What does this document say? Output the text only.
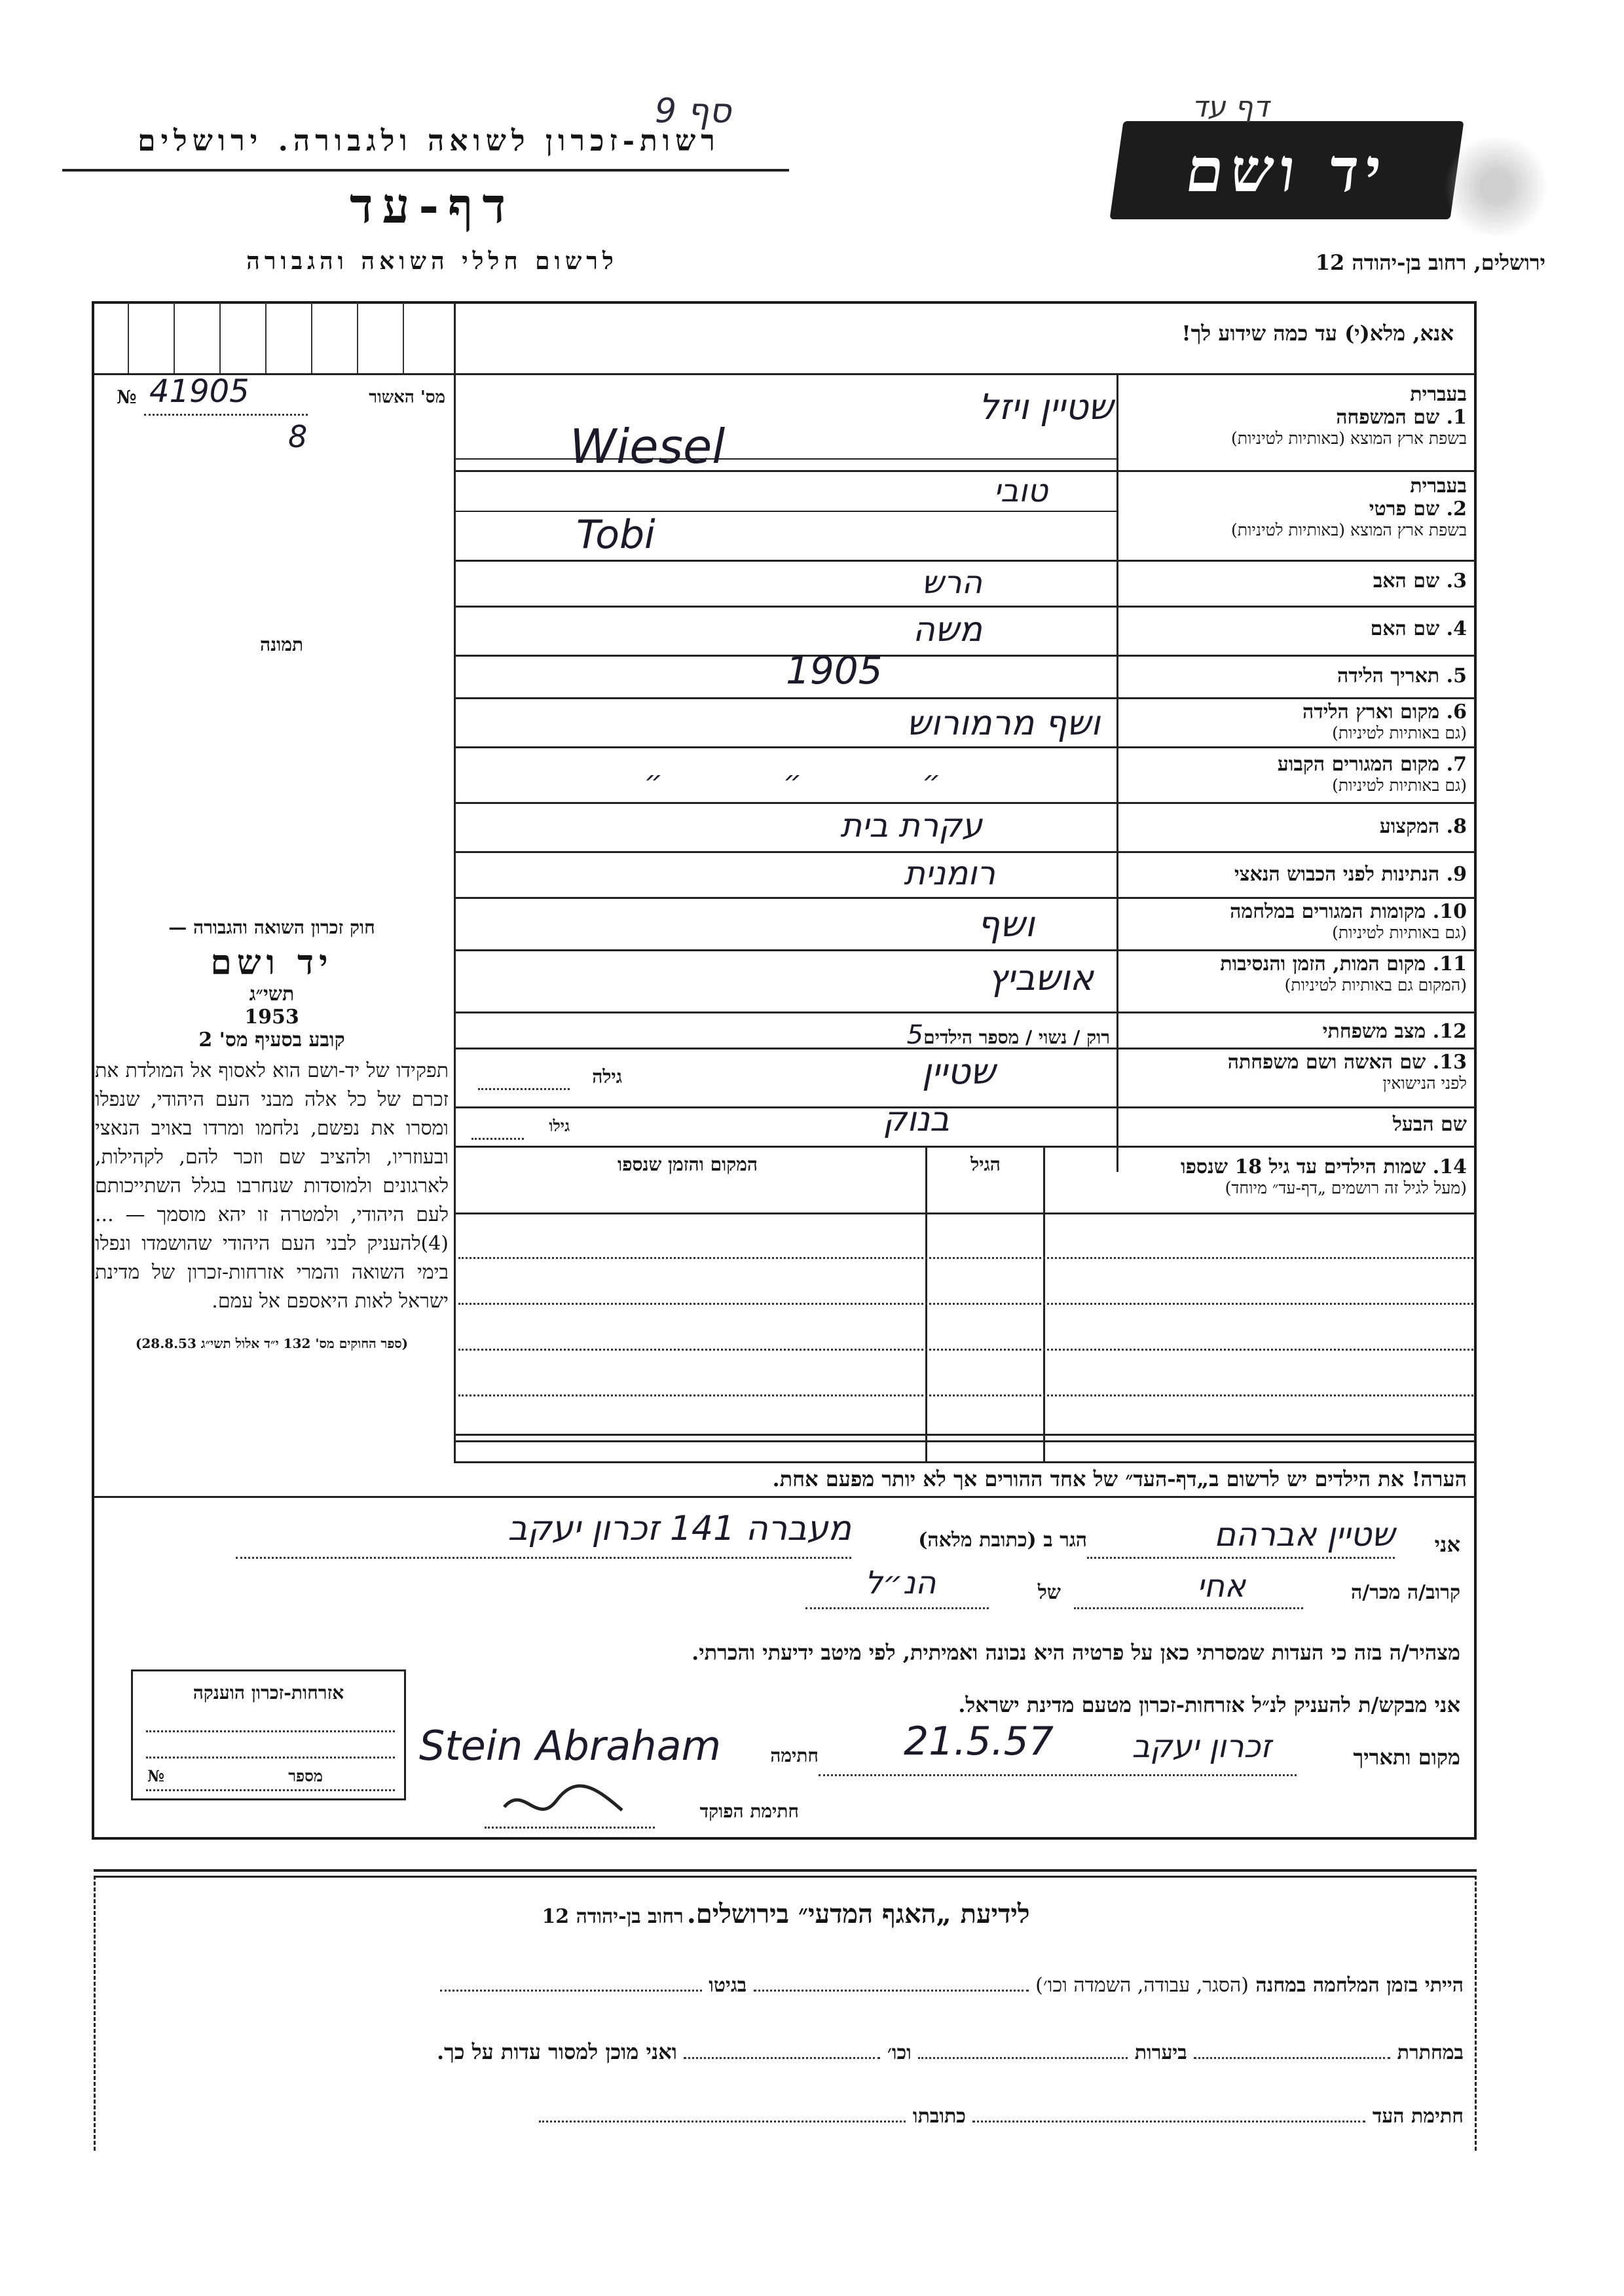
סף 9
רשות-זכרון לשואה ולגבורה. ירושלים
דף-עד
לרשום חללי השואה והגבורה
יד ושם
דף עד
ירושלים, רחוב בן-יהודה 12
אנא, מלא(י) עד כמה שידוע לך!
№ 41905
8
מס' האשור
תמונה
בעברית
1. שם המשפחה
בשפת ארץ המוצא (באותיות לטיניות)
שטיין ויזל
Wiesel
בעברית
2. שם פרטי
בשפת ארץ המוצא (באותיות לטיניות)
טובי
Tobi
3. שם האב
הרש
4. שם האם
משה
5. תאריך הלידה
1905
6. מקום וארץ הלידה
(גם באותיות לטיניות)
ושף מרמורוש
7. מקום המגורים הקבוע
(גם באותיות לטיניות)
״ ״ ״
8. המקצוע
עקרת בית
9. הנתינות לפני הכבוש הנאצי
רומנית
10. מקומות המגורים במלחמה
(גם באותיות לטיניות)
ושף
11. מקום המות, הזמן והנסיבות
(המקום גם באותיות לטיניות)
אושביץ
12. מצב משפחתי
רוק / נשוי / מספר הילדים5
13. שם האשה ושם משפחתה
לפני הנישואין
שטיין
גילה
שם הבעל
בנוק
גילו
14. שמות הילדים עד גיל 18 שנספו
(מעל לגיל זה רושמים „דף-עד״ מיוחד)
הגיל
המקום והזמן שנספו
חוק זכרון השואה והגבורה —
יד ושם
תשי״ג
1953
קובע בסעיף מס' 2
תפקידו של יד-ושם הוא לאסוף אל המולדת את זכרם של כל אלה מבני העם היהודי, שנפלו ומסרו את נפשם, נלחמו ומרדו באויב הנאצי ובעוזריו, ולהציב שם וזכר להם, לקהילות, לארגונים ולמוסדות שנחרבו בגלל השתייכותם לעם היהודי, ולמטרה זו יהא מוסמך — ...(4)להעניק לבני העם היהודי שהושמדו ונפלו בימי השואה והמרי אזרחות-זכרון של מדינת ישראל לאות היאספם אל עמם.
(ספר החוקים מס' 132 י״ד אלול תשי״ג 28.8.53)
הערה! את הילדים יש לרשום ב„דף-העד״ של אחד ההורים אך לא יותר מפעם אחת.
אני
שטיין אברהם
הגר ב (כתובת מלאה)
מעברה 141 זכרון יעקב
קרוב/ה מכר/ה
אחי
של
הנ״ל
מצהיר/ה בזה כי העדות שמסרתי כאן על פרטיה היא נכונה ואמיתית, לפי מיטב ידיעתי והכרתי.
אני מבקש/ת להעניק לנ״ל אזרחות-זכרון מטעם מדינת ישראל.
מקום ותאריך
זכרון יעקב
21.5.57
חתימה
Stein Abraham
חתימת הפוקד
אזרחות-זכרון הוענקה
№	מספר
לידיעת „האגף המדעי״ בירושלים. רחוב בן-יהודה 12
הייתי בזמן המלחמה במחנה (הסגר, עבודה, השמדה וכו׳)  בגיטו
במחתרת  ביערות  וכו׳  ואני מוכן למסור עדות על כך.
חתימת העד  כתובתו
